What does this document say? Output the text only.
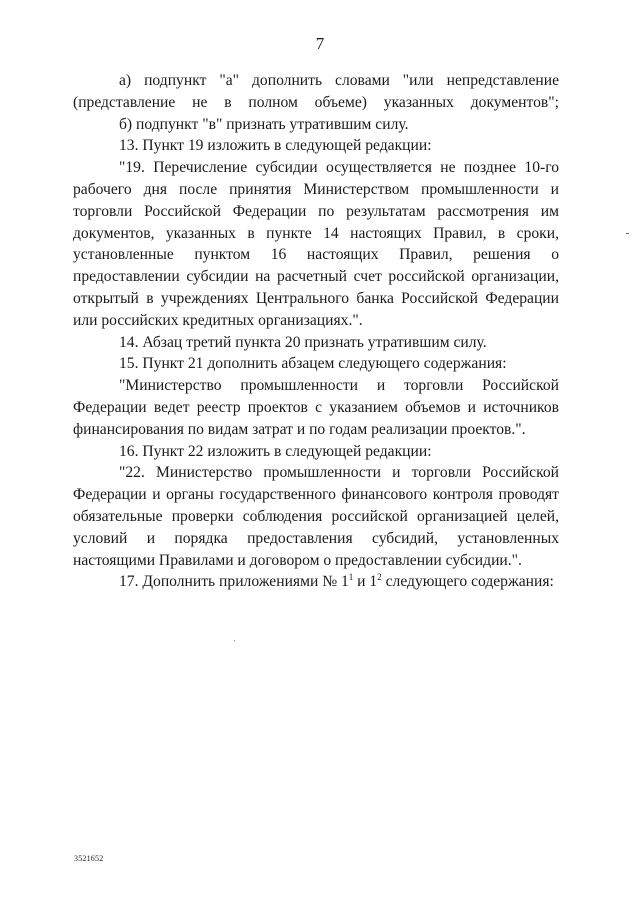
7

а) подпункт "а" дополнить словами "или непредставление (представление не в полном объеме) указанных документов";

б) подпункт "в" признать утратившим силу.

13. Пункт 19 изложить в следующей редакции:

"19. Перечисление субсидии осуществляется не позднее 10-го рабочего дня после принятия Министерством промышленности и торговли Российской Федерации по результатам рассмотрения им документов, указанных в пункте 14 настоящих Правил, в сроки, установленные пунктом 16 настоящих Правил, решения о предоставлении субсидии на расчетный счет российской организации, открытый в учреждениях Центрального банка Российской Федерации или российских кредитных организациях.".

14. Абзац третий пункта 20 признать утратившим силу.

15. Пункт 21 дополнить абзацем следующего содержания:

"Министерство промышленности и торговли Российской Федерации ведет реестр проектов с указанием объемов и источников финансирования по видам затрат и по годам реализации проектов.".

16. Пункт 22 изложить в следующей редакции:

"22. Министерство промышленности и торговли Российской Федерации и органы государственного финансового контроля проводят обязательные проверки соблюдения российской организацией целей, условий и порядка предоставления субсидий, установленных настоящими Правилами и договором о предоставлении субсидии.".

17. Дополнить приложениями № $1^1$ и $1^2$ следующего содержания:

3521652
